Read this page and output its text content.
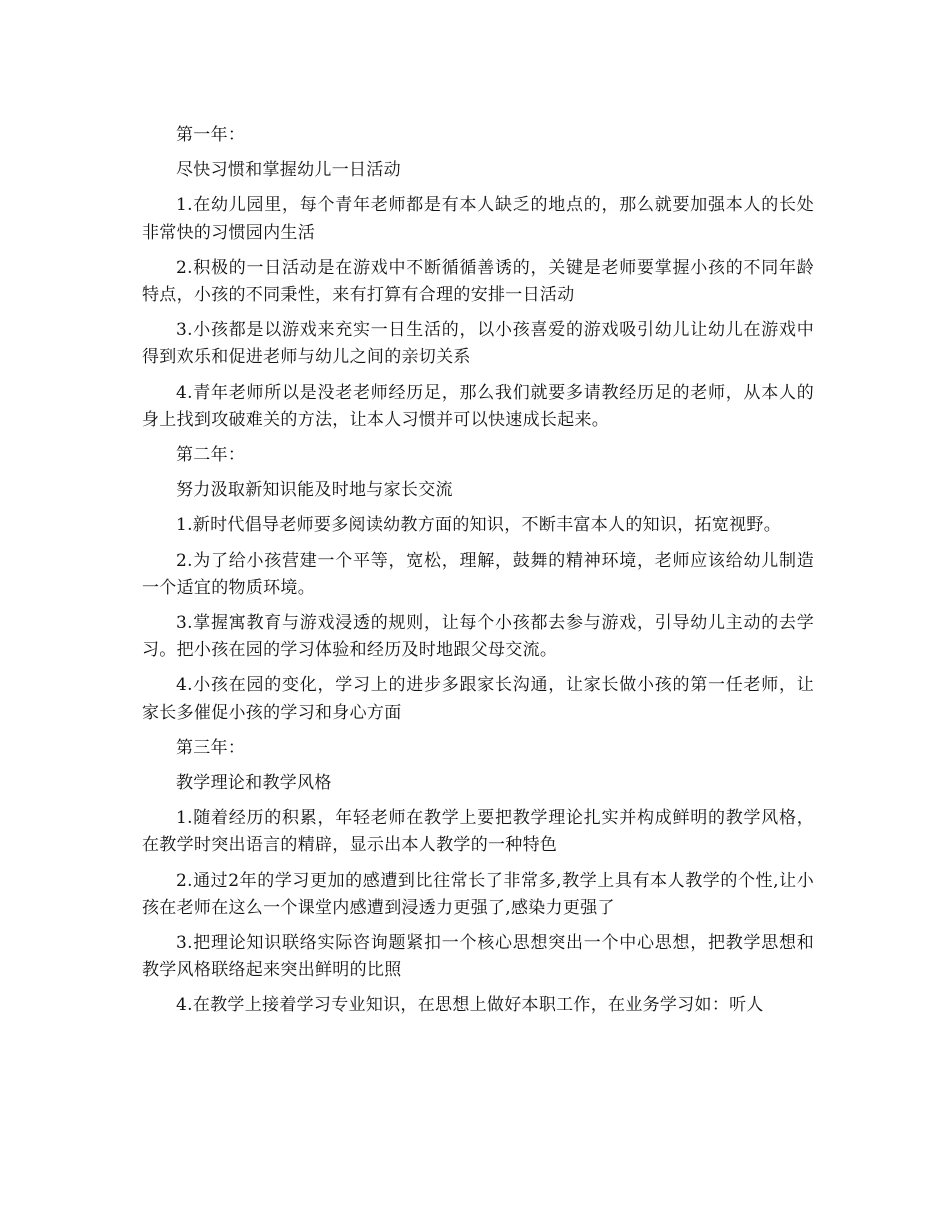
第一年：

尽快习惯和掌握幼儿一日活动

1.在幼儿园里，每个青年老师都是有本人缺乏的地点的，那么就要加强本人的长处非常快的习惯园内生活

2.积极的一日活动是在游戏中不断循循善诱的，关键是老师要掌握小孩的不同年龄特点，小孩的不同秉性，来有打算有合理的安排一日活动

3.小孩都是以游戏来充实一日生活的，以小孩喜爱的游戏吸引幼儿让幼儿在游戏中得到欢乐和促进老师与幼儿之间的亲切关系

4.青年老师所以是没老老师经历足，那么我们就要多请教经历足的老师，从本人的身上找到攻破难关的方法，让本人习惯并可以快速成长起来。

第二年：

努力汲取新知识能及时地与家长交流

1.新时代倡导老师要多阅读幼教方面的知识，不断丰富本人的知识，拓宽视野。

2.为了给小孩营建一个平等，宽松，理解，鼓舞的精神环境，老师应该给幼儿制造一个适宜的物质环境。

3.掌握寓教育与游戏浸透的规则，让每个小孩都去参与游戏，引导幼儿主动的去学习。把小孩在园的学习体验和经历及时地跟父母交流。

4.小孩在园的变化，学习上的进步多跟家长沟通，让家长做小孩的第一任老师，让家长多催促小孩的学习和身心方面

第三年：

教学理论和教学风格

1.随着经历的积累，年轻老师在教学上要把教学理论扎实并构成鲜明的教学风格，在教学时突出语言的精辟，显示出本人教学的一种特色

2.通过2年的学习更加的感遭到比往常长了非常多,教学上具有本人教学的个性,让小孩在老师在这么一个课堂内感遭到浸透力更强了,感染力更强了

3.把理论知识联络实际咨询题紧扣一个核心思想突出一个中心思想，把教学思想和教学风格联络起来突出鲜明的比照

4.在教学上接着学习专业知识，在思想上做好本职工作，在业务学习如：听人
